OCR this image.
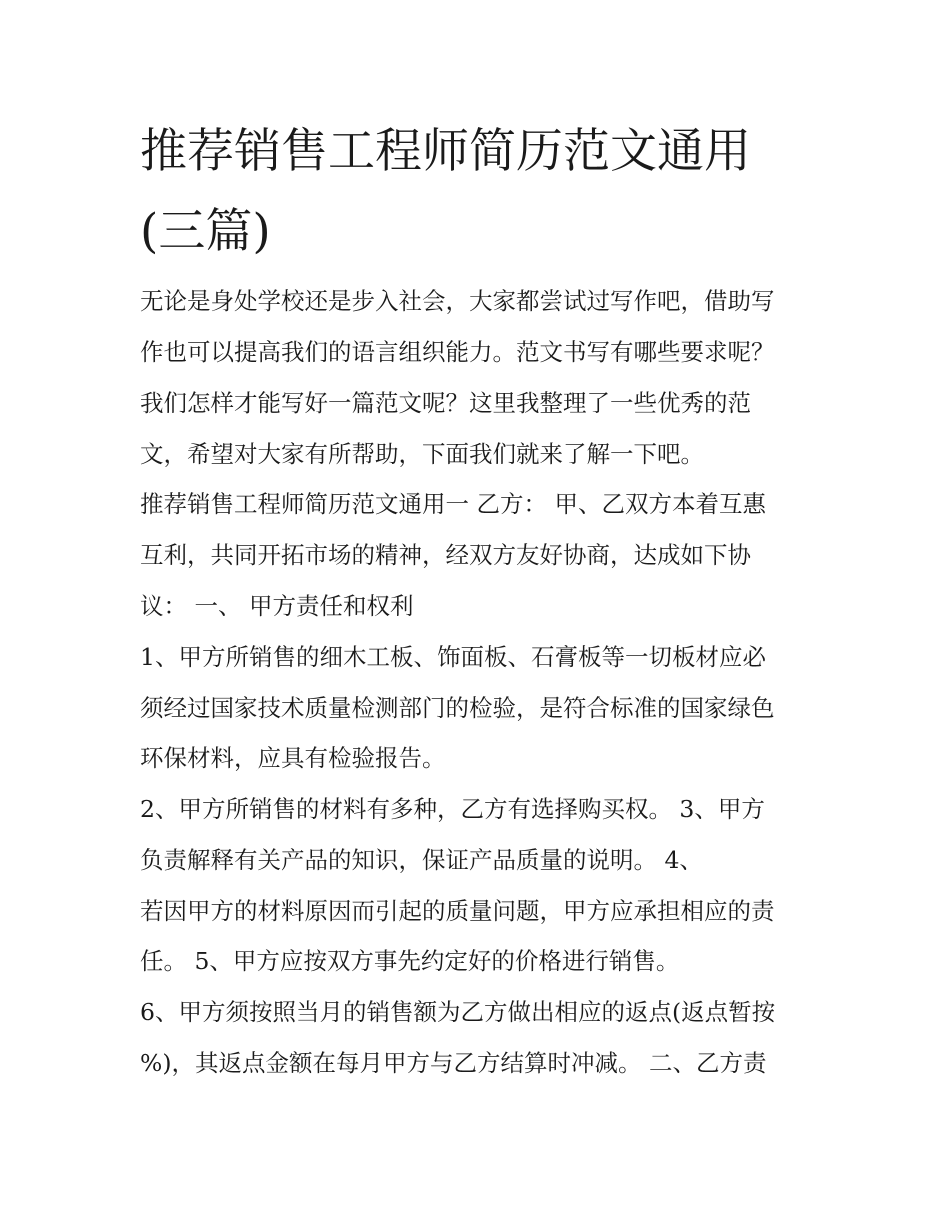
推荐销售工程师简历范文通用
(三篇)

无论是身处学校还是步入社会，大家都尝试过写作吧，借助写

作也可以提高我们的语言组织能力。范文书写有哪些要求呢？

我们怎样才能写好一篇范文呢？这里我整理了一些优秀的范

文，希望对大家有所帮助，下面我们就来了解一下吧。

推荐销售工程师简历范文通用一 乙方： 甲、乙双方本着互惠

互利，共同开拓市场的精神，经双方友好协商，达成如下协

议： 一、 甲方责任和权利

1、甲方所销售的细木工板、饰面板、石膏板等一切板材应必

须经过国家技术质量检测部门的检验，是符合标准的国家绿色

环保材料，应具有检验报告。

2、甲方所销售的材料有多种，乙方有选择购买权。 3、甲方

负责解释有关产品的知识，保证产品质量的说明。 4、

若因甲方的材料原因而引起的质量问题，甲方应承担相应的责

任。 5、甲方应按双方事先约定好的价格进行销售。

6、甲方须按照当月的销售额为乙方做出相应的返点(返点暂按

%)，其返点金额在每月甲方与乙方结算时冲减。 二、乙方责
